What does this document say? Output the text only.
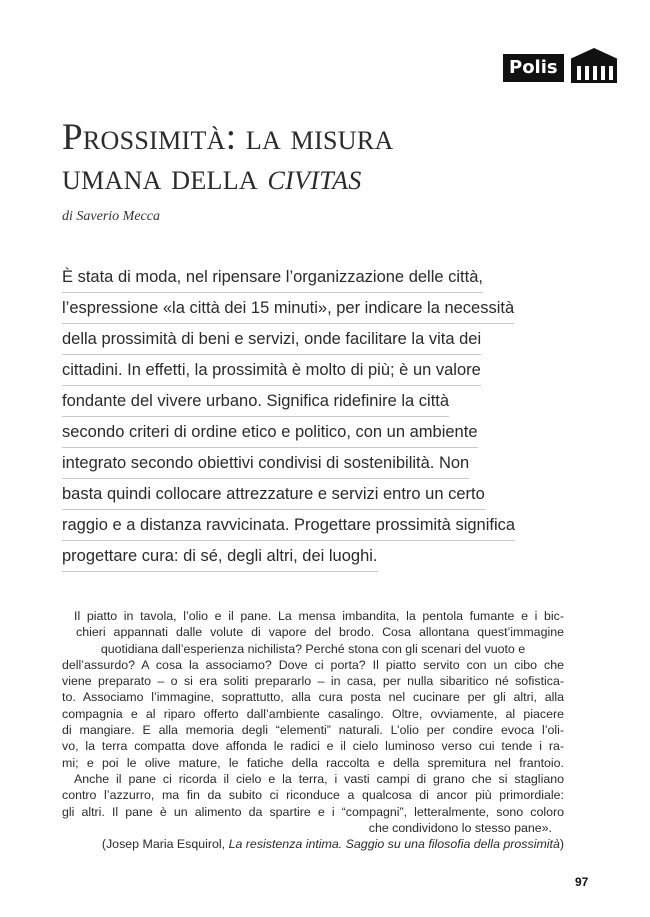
Polis
Prossimità: la misura
umana della civitas

di Saverio Mecca

È stata di moda, nel ripensare l’organizzazione delle città,
l’espressione «la città dei 15 minuti», per indicare la necessità
della prossimità di beni e servizi, onde facilitare la vita dei
cittadini. In effetti, la prossimità è molto di più; è un valore
fondante del vivere urbano. Significa ridefinire la città
secondo criteri di ordine etico e politico, con un ambiente
integrato secondo obiettivi condivisi di sostenibilità. Non
basta quindi collocare attrezzature e servizi entro un certo
raggio e a distanza ravvicinata. Progettare prossimità significa
progettare cura: di sé, degli altri, dei luoghi.
Il piatto in tavola, l’olio e il pane. La mensa imbandita, la pentola fumante e i bic-
chieri appannati dalle volute di vapore del brodo. Cosa allontana quest’immagine
quotidiana dall’esperienza nichilista? Perché stona con gli scenari del vuoto e
dell’assurdo? A cosa la associamo? Dove ci porta? Il piatto servito con un cibo che
viene preparato – o si era soliti prepararlo – in casa, per nulla sibaritico né sofistica-
to. Associamo l’immagine, soprattutto, alla cura posta nel cucinare per gli altri, alla
compagnia e al riparo offerto dall’ambiente casalingo. Oltre, ovviamente, al piacere
di mangiare. E alla memoria degli “elementi” naturali. L’olio per condire evoca l’oli-
vo, la terra compatta dove affonda le radici e il cielo luminoso verso cui tende i ra-
mi; e poi le olive mature, le fatiche della raccolta e della spremitura nel frantoio.
Anche il pane ci ricorda il cielo e la terra, i vasti campi di grano che si stagliano
contro l’azzurro, ma fin da subito ci riconduce a qualcosa di ancor più primordiale:
gli altri. Il pane è un alimento da spartire e i “compagni”, letteralmente, sono coloro
che condividono lo stesso pane».
(Josep Maria Esquirol, La resistenza intima. Saggio su una filosofia della prossimità)
97
